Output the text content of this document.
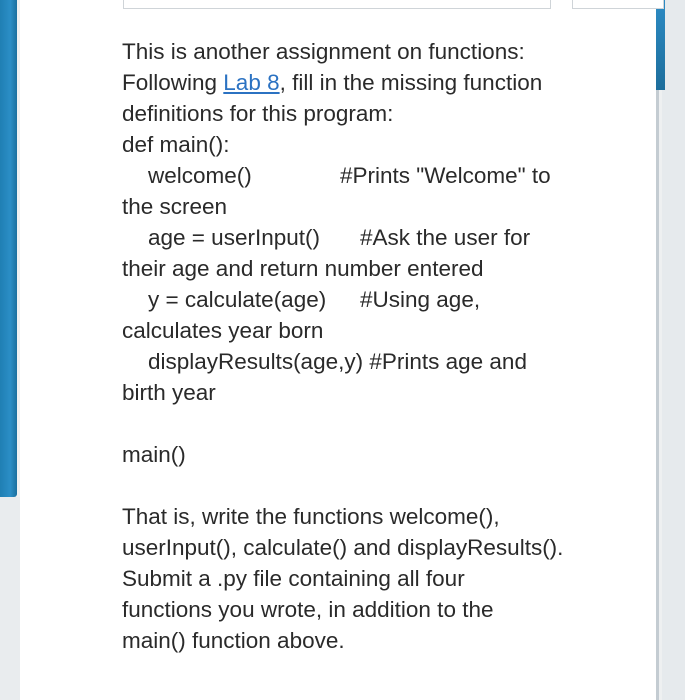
This is another assignment on functions:

Following Lab 8, fill in the missing function

definitions for this program:

def main():

welcome()	#Prints "Welcome" to

the screen

age = userInput() #Ask the user for

their age and return number entered

y = calculate(age) #Using age,

calculates year born

displayResults(age,y) #Prints age and

birth year

main()

That is, write the functions welcome(),

userInput(), calculate() and displayResults().

Submit a .py file containing all four

functions you wrote, in addition to the

main() function above.
